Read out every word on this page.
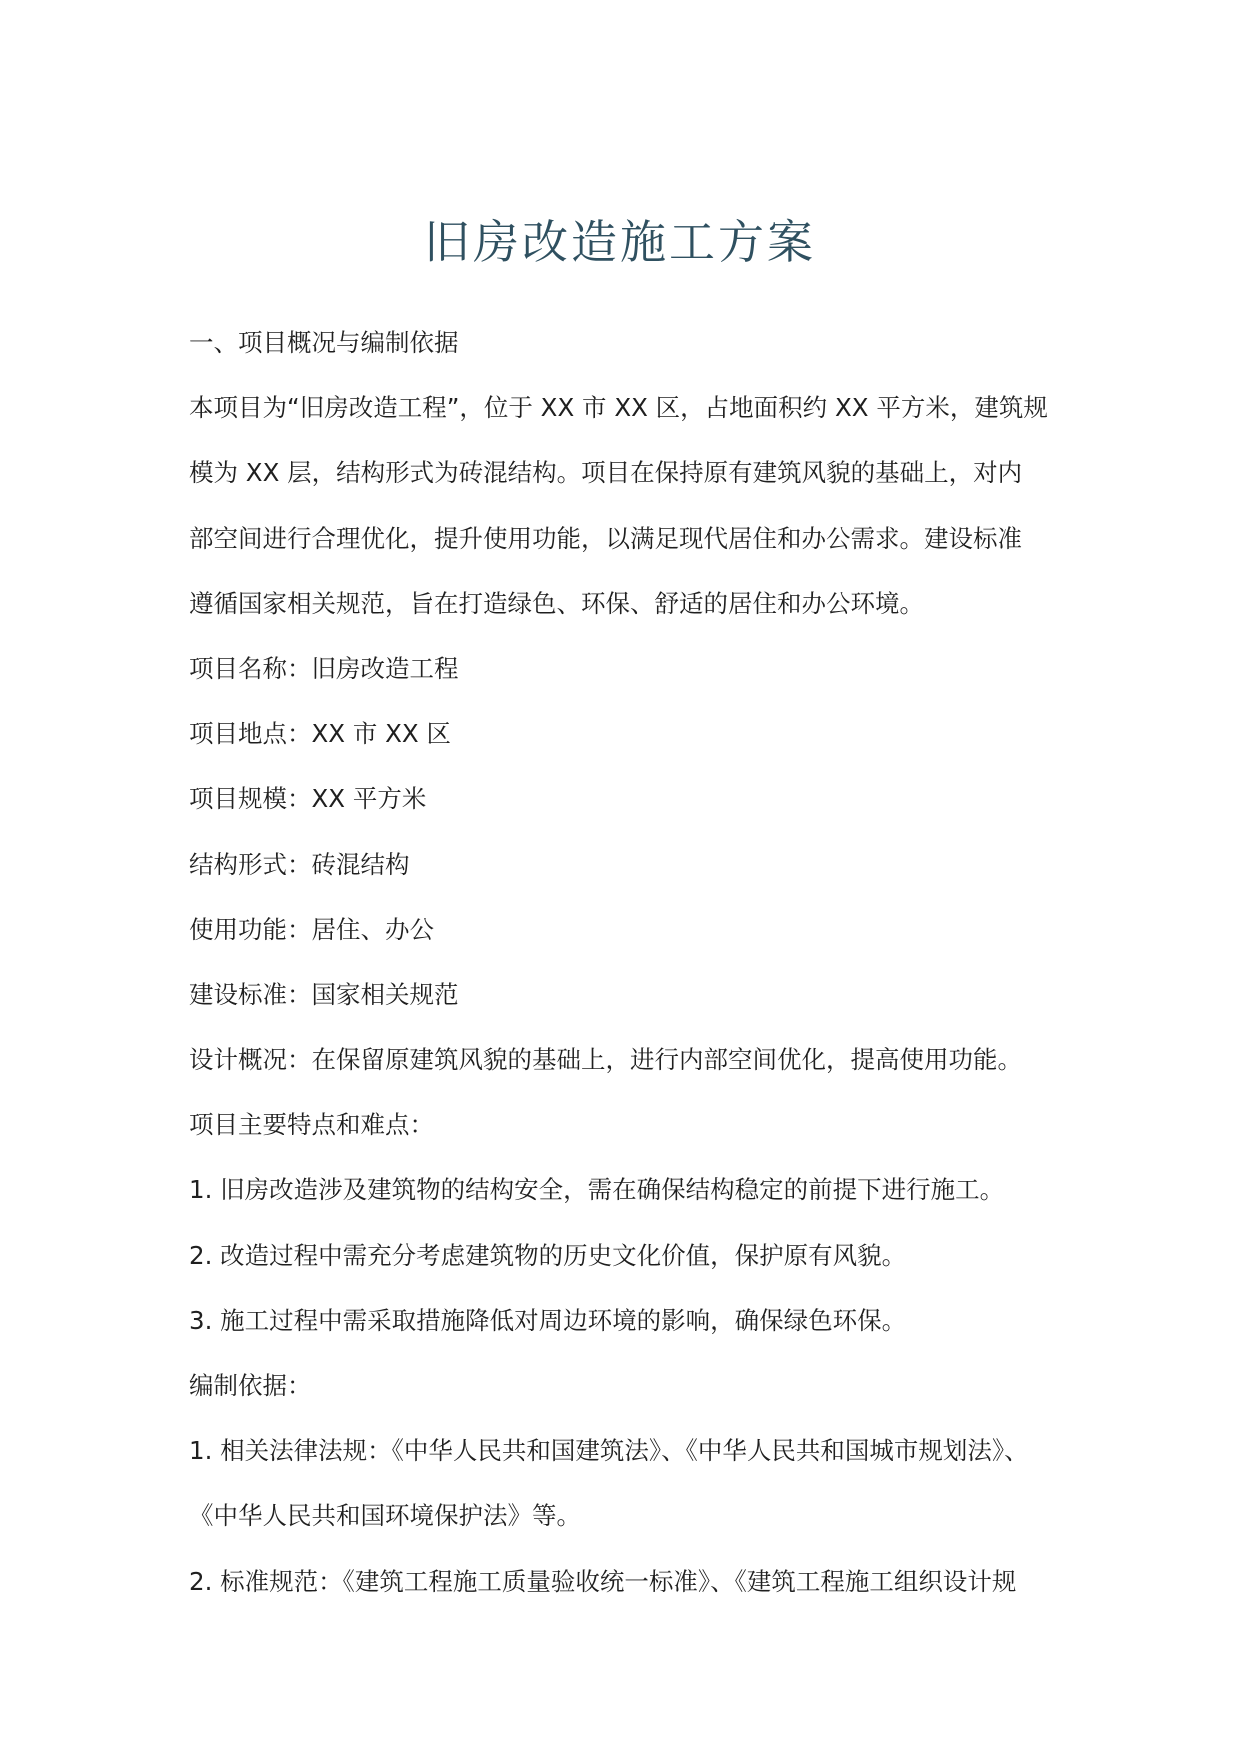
旧房改造施工方案
一、项目概况与编制依据
本项目为“旧房改造工程”，位于 XX 市 XX 区，占地面积约 XX 平方米，建筑规
模为 XX 层，结构形式为砖混结构。项目在保持原有建筑风貌的基础上，对内
部空间进行合理优化，提升使用功能，以满足现代居住和办公需求。建设标准
遵循国家相关规范，旨在打造绿色、环保、舒适的居住和办公环境。
项目名称：旧房改造工程
项目地点：XX 市 XX 区
项目规模：XX 平方米
结构形式：砖混结构
使用功能：居住、办公
建设标准：国家相关规范
设计概况：在保留原建筑风貌的基础上，进行内部空间优化，提高使用功能。
项目主要特点和难点：
1. 旧房改造涉及建筑物的结构安全，需在确保结构稳定的前提下进行施工。
2. 改造过程中需充分考虑建筑物的历史文化价值，保护原有风貌。
3. 施工过程中需采取措施降低对周边环境的影响，确保绿色环保。
编制依据：
1. 相关法律法规：《中华人民共和国建筑法》、《中华人民共和国城市规划法》、
《中华人民共和国环境保护法》等。
2. 标准规范：《建筑工程施工质量验收统一标准》、《建筑工程施工组织设计规
